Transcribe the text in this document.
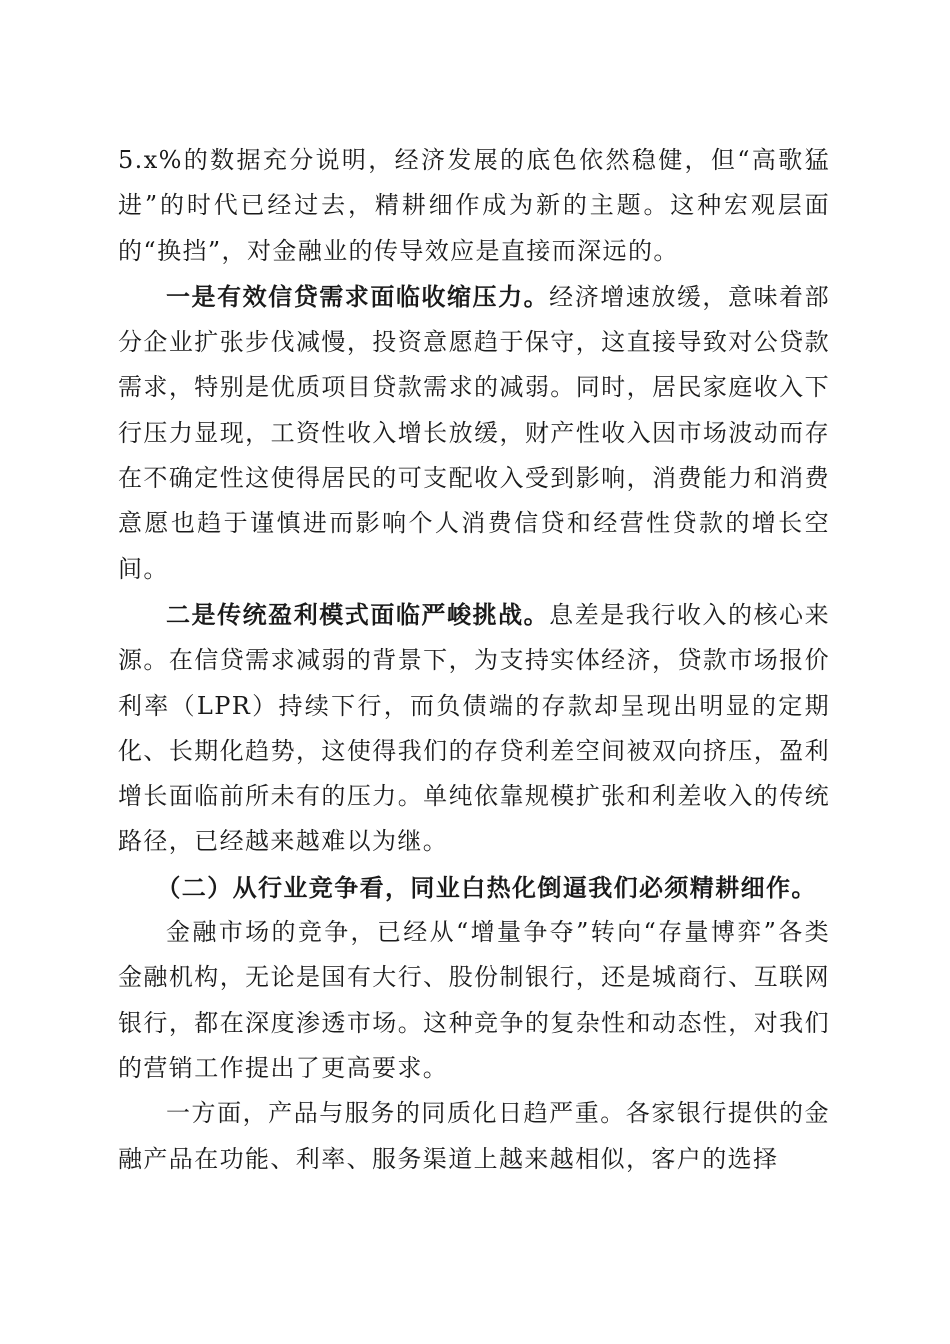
5.x%的数据充分说明，经济发展的底色依然稳健，但“高歌猛进”的时代已经过去，精耕细作成为新的主题。这种宏观层面的“换挡”，对金融业的传导效应是直接而深远的。

一是有效信贷需求面临收缩压力。经济增速放缓，意味着部分企业扩张步伐减慢，投资意愿趋于保守，这直接导致对公贷款需求，特别是优质项目贷款需求的减弱。同时，居民家庭收入下行压力显现，工资性收入增长放缓，财产性收入因市场波动而存在不确定性这使得居民的可支配收入受到影响，消费能力和消费意愿也趋于谨慎进而影响个人消费信贷和经营性贷款的增长空间。

二是传统盈利模式面临严峻挑战。息差是我行收入的核心来源。在信贷需求减弱的背景下，为支持实体经济，贷款市场报价利率（LPR）持续下行，而负债端的存款却呈现出明显的定期化、长期化趋势，这使得我们的存贷利差空间被双向挤压，盈利增长面临前所未有的压力。单纯依靠规模扩张和利差收入的传统路径，已经越来越难以为继。

（二）从行业竞争看，同业白热化倒逼我们必须精耕细作。

金融市场的竞争，已经从“增量争夺”转向“存量博弈”各类金融机构，无论是国有大行、股份制银行，还是城商行、互联网银行，都在深度渗透市场。这种竞争的复杂性和动态性，对我们的营销工作提出了更高要求。

一方面，产品与服务的同质化日趋严重。各家银行提供的金融产品在功能、利率、服务渠道上越来越相似，客户的选择
